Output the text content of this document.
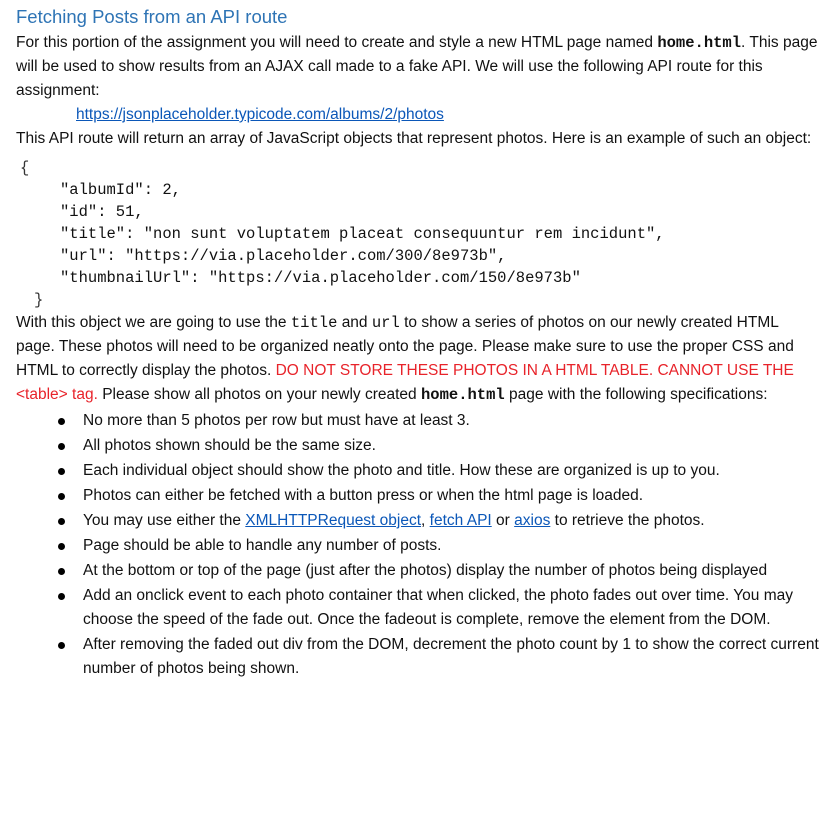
Fetching Posts from an API route

For this portion of the assignment you will need to create and style a new HTML page named home.html. This page will be used to show results from an AJAX call made to a fake API. We will use the following API route for this assignment:

https://jsonplaceholder.typicode.com/albums/2/photos

This API route will return an array of JavaScript objects that represent photos. Here is an example of such an object:

{
"albumId": 2,
"id": 51,
"title": "non sunt voluptatem placeat consequuntur rem incidunt",
"url": "https://via.placeholder.com/300/8e973b",
"thumbnailUrl": "https://via.placeholder.com/150/8e973b"
}

With this object we are going to use the title and url to show a series of photos on our newly created HTML page. These photos will need to be organized neatly onto the page. Please make sure to use the proper CSS and HTML to correctly display the photos. DO NOT STORE THESE PHOTOS IN A HTML TABLE. CANNOT USE THE <table> tag. Please show all photos on your newly created home.html page with the following specifications:

No more than 5 photos per row but must have at least 3.
All photos shown should be the same size.
Each individual object should show the photo and title. How these are organized is up to you.
Photos can either be fetched with a button press or when the html page is loaded.
You may use either the XMLHTTPRequest object, fetch API or axios to retrieve the photos.
Page should be able to handle any number of posts.
At the bottom or top of the page (just after the photos) display the number of photos being displayed
Add an onclick event to each photo container that when clicked, the photo fades out over time. You may choose the speed of the fade out. Once the fadeout is complete, remove the element from the DOM.
After removing the faded out div from the DOM, decrement the photo count by 1 to show the correct current number of photos being shown.
